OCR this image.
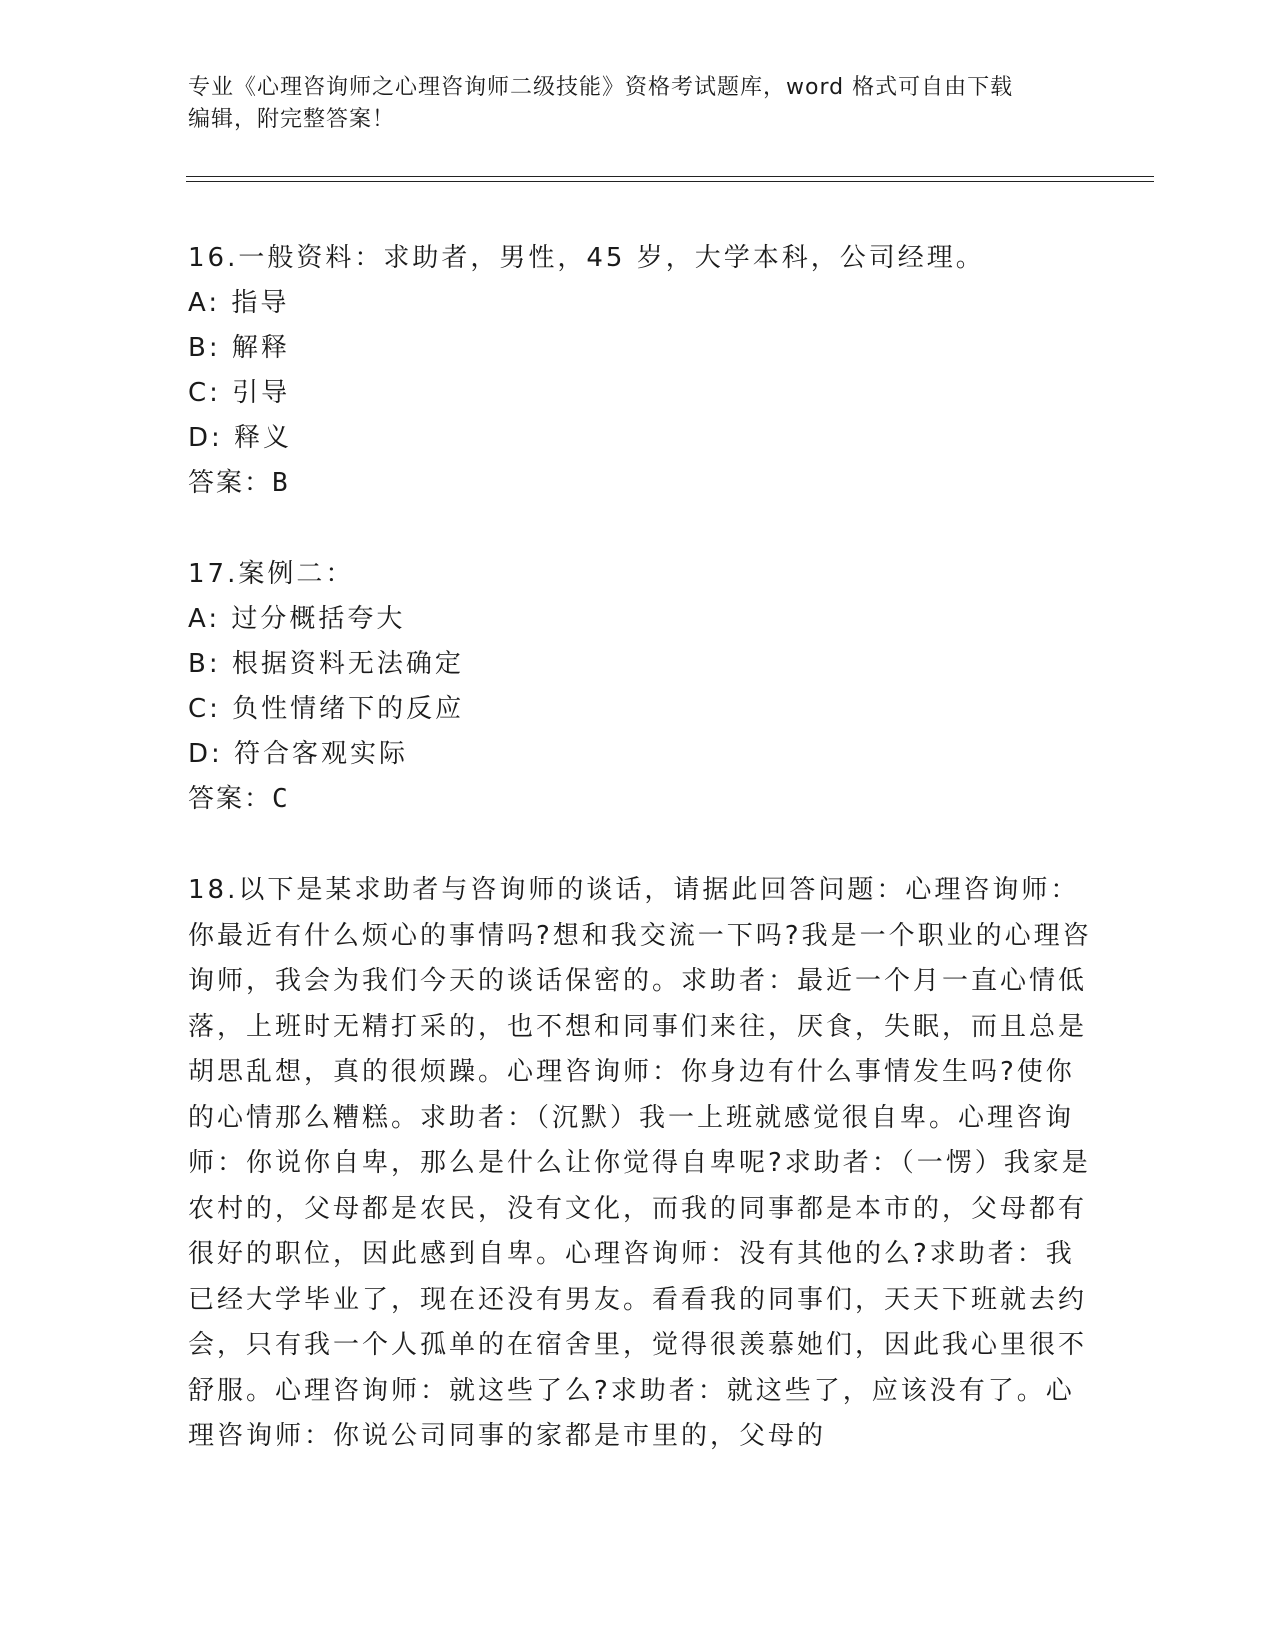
专业《心理咨询师之心理咨询师二级技能》资格考试题库，word 格式可自由下载
编辑，附完整答案！
16.一般资料：求助者，男性，45 岁，大学本科，公司经理。
A: 指导
B: 解释
C: 引导
D: 释义
答案：B
17.案例二：
A: 过分概括夸大
B: 根据资料无法确定
C: 负性情绪下的反应
D: 符合客观实际
答案：C
18.以下是某求助者与咨询师的谈话，请据此回答问题：心理咨询师：你最近有什么烦心的事情吗?想和我交流一下吗?我是一个职业的心理咨询师，我会为我们今天的谈话保密的。求助者：最近一个月一直心情低落，上班时无精打采的，也不想和同事们来往，厌食，失眠，而且总是胡思乱想，真的很烦躁。心理咨询师：你身边有什么事情发生吗?使你的心情那么糟糕。求助者：（沉默）我一上班就感觉很自卑。心理咨询师：你说你自卑，那么是什么让你觉得自卑呢?求助者：（一愣）我家是农村的，父母都是农民，没有文化，而我的同事都是本市的，父母都有很好的职位，因此感到自卑。心理咨询师：没有其他的么?求助者：我已经大学毕业了，现在还没有男友。看看我的同事们，天天下班就去约会，只有我一个人孤单的在宿舍里，觉得很羡慕她们，因此我心里很不舒服。心理咨询师：就这些了么?求助者：就这些了，应该没有了。心理咨询师：你说公司同事的家都是市里的，父母的
